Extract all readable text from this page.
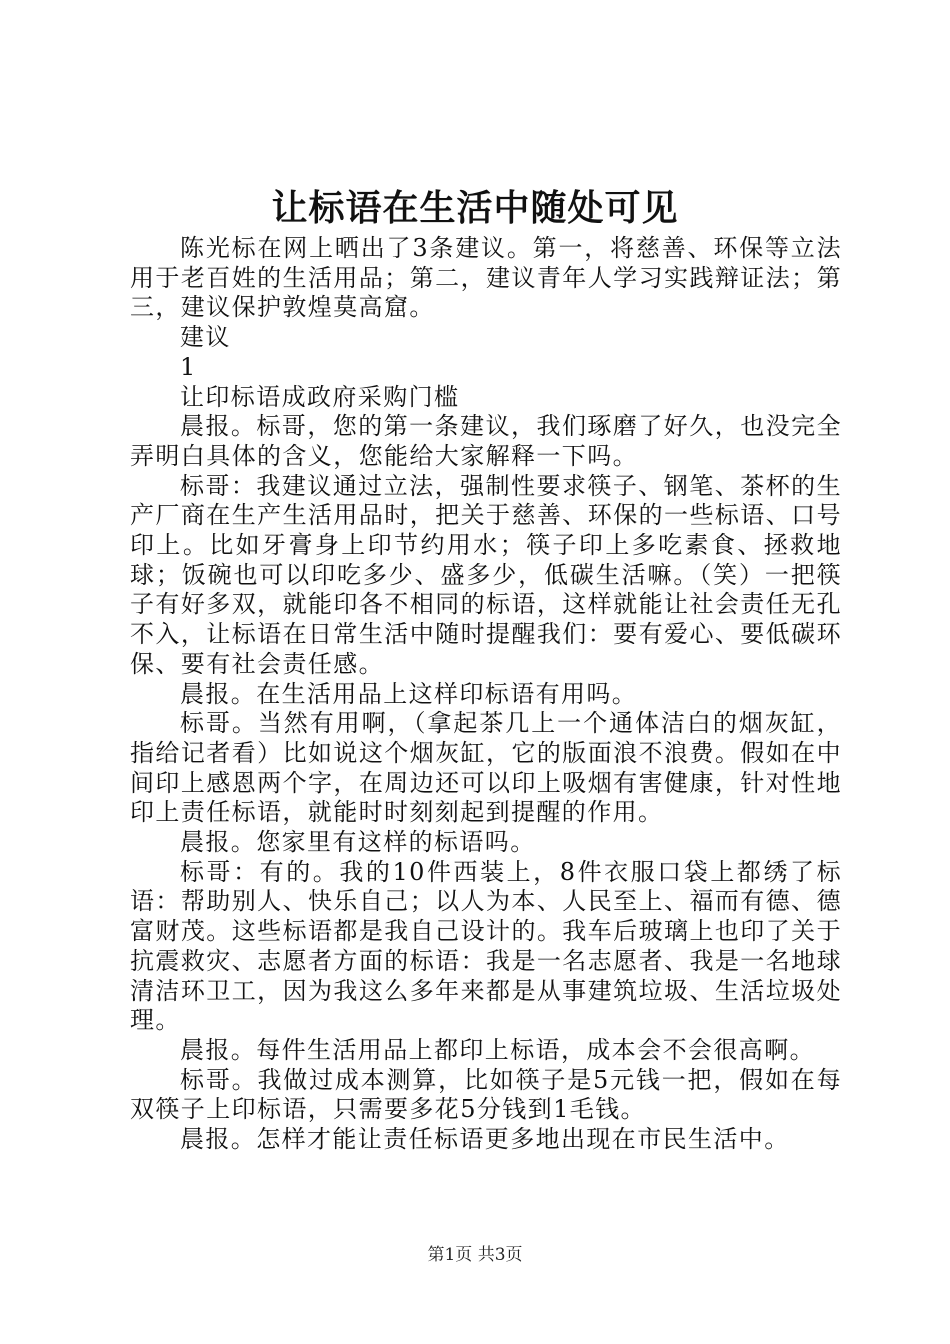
让标语在生活中随处可见

陈光标在网上晒出了3条建议。第一，将慈善、环保等立法用于老百姓的生活用品；第二，建议青年人学习实践辩证法；第三，建议保护敦煌莫高窟。

建议

1

让印标语成政府采购门槛

晨报。标哥，您的第一条建议，我们琢磨了好久，也没完全弄明白具体的含义，您能给大家解释一下吗。

标哥：我建议通过立法，强制性要求筷子、钢笔、茶杯的生产厂商在生产生活用品时，把关于慈善、环保的一些标语、口号印上。比如牙膏身上印节约用水；筷子印上多吃素食、拯救地球；饭碗也可以印吃多少、盛多少，低碳生活嘛。（笑）一把筷子有好多双，就能印各不相同的标语，这样就能让社会责任无孔不入，让标语在日常生活中随时提醒我们：要有爱心、要低碳环保、要有社会责任感。

晨报。在生活用品上这样印标语有用吗。

标哥。当然有用啊，（拿起茶几上一个通体洁白的烟灰缸，指给记者看）比如说这个烟灰缸，它的版面浪不浪费。假如在中间印上感恩两个字，在周边还可以印上吸烟有害健康，针对性地印上责任标语，就能时时刻刻起到提醒的作用。

晨报。您家里有这样的标语吗。

标哥：有的。我的10件西装上，8件衣服口袋上都绣了标语：帮助别人、快乐自己；以人为本、人民至上、福而有德、德富财茂。这些标语都是我自己设计的。我车后玻璃上也印了关于抗震救灾、志愿者方面的标语：我是一名志愿者、我是一名地球清洁环卫工，因为我这么多年来都是从事建筑垃圾、生活垃圾处理。

晨报。每件生活用品上都印上标语，成本会不会很高啊。

标哥。我做过成本测算，比如筷子是5元钱一把，假如在每双筷子上印标语，只需要多花5分钱到1毛钱。

晨报。怎样才能让责任标语更多地出现在市民生活中。

第1页 共3页
